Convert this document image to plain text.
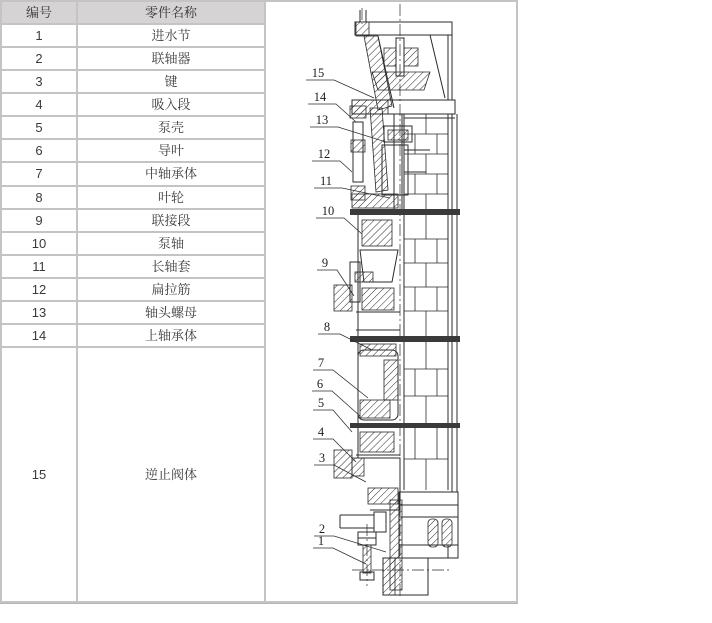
编号	零件名称	
15
14
13
12
11
10
9
8
7
6
5
4
3
2
1

1	进水节	
2	联轴器	
3	键	
4	吸入段	
5	泵壳	
6	导叶	
7	中轴承体	
8	叶轮	
9	联接段	
10	泵轴	
11	长轴套	
12	扁拉筋	
13	轴头螺母	
14	上轴承体	
15	逆止阀体	
